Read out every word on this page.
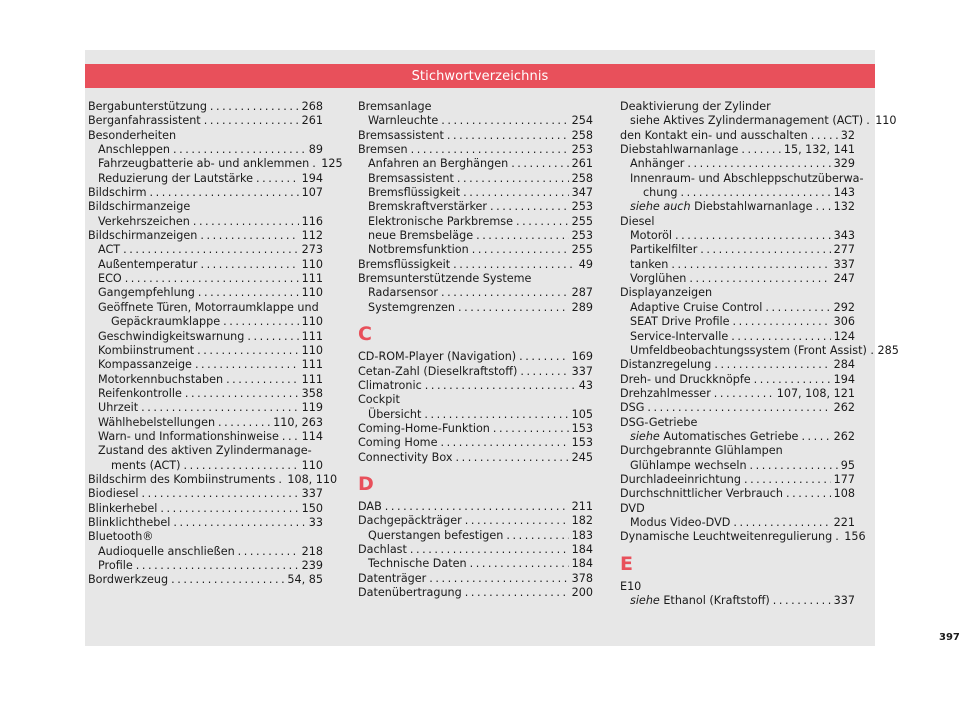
Stichwortverzeichnis
Bergabunterstützung . . .	268
Berganfahrassistent . . .	261
Besonderheiten
Anschleppen . . .	89
Fahrzeugbatterie ab- und anklemmen . . . 125
Reduzierung der Lautstärke . . .	194
Bildschirm . . .	107
Bildschirmanzeige
Verkehrszeichen . . .	116
Bildschirmanzeigen . . .	112
ACT . . .	273
Außentemperatur . . .	110
ECO . . .	111
Gangempfehlung . . .	110
Geöffnete Türen, Motorraumklappe und
Gepäckraumklappe . . .	110
Geschwindigkeitswarnung . . .	111
Kombiinstrument . . .	110
Kompassanzeige . . .	111
Motorkennbuchstaben . . .	111
Reifenkontrolle . . .	358
Uhrzeit . . .	119
Wählhebelstellungen . . .	110, 263
Warn- und Informationshinweise . . . 114
Zustand des aktiven Zylindermanage-
ments (ACT) . . .	110
Bildschirm des Kombiinstruments . . . 108, 110
Biodiesel . . .	337
Blinkerhebel . . .	150
Blinklichthebel . . .	33
Bluetooth®
Audioquelle anschließen . . .	218
Profile . . .	239
Bordwerkzeug . . .	54, 85
Bremsanlage
Warnleuchte . . .	254
Bremsassistent . . .	258
Bremsen . . .	253
Anfahren an Berghängen . . .	261
Bremsassistent . . .	258
Bremsflüssigkeit . . .	347
Bremskraftverstärker . . .	253
Elektronische Parkbremse . . .	255
neue Bremsbeläge . . .	253
Notbremsfunktion . . .	255
Bremsflüssigkeit . . .	49
Bremsunterstützende Systeme
Radarsensor . . .	287
Systemgrenzen . . .	289
C
CD-ROM-Player (Navigation) . . .	169
Cetan-Zahl (Dieselkraftstoff) . . .	337
Climatronic . . .	43
Cockpit
Übersicht . . .	105
Coming-Home-Funktion . . .	153
Coming Home . . .	153
Connectivity Box . . .	245
D
DAB . . .	211
Dachgepäckträger . . .	182
Querstangen befestigen . . .	183
Dachlast . . .	184
Technische Daten . . .	184
Datenträger . . .	378
Datenübertragung . . .	200
Deaktivierung der Zylinder
siehe Aktives Zylindermanagement (ACT) . . . 110
den Kontakt ein- und ausschalten . . .	32
Diebstahlwarnanlage . . .	15, 132, 141
Anhänger . . .	329
Innenraum- und Abschleppschutzüberwa-
chung . . .	143
siehe auch Diebstahlwarnanlage . . . 132
Diesel
Motoröl . . .	343
Partikelfilter . . .	277
tanken . . .	337
Vorglühen . . .	247
Displayanzeigen
Adaptive Cruise Control . . .	292
SEAT Drive Profile . . .	306
Service-Intervalle . . .	124
Umfeldbeobachtungssystem (Front Assist) . 285
Distanzregelung . . .	284
Dreh- und Druckknöpfe . . .	194
Drehzahlmesser . . .	107, 108, 121
DSG . . .	262
DSG-Getriebe
siehe Automatisches Getriebe . . .	262
Durchgebrannte Glühlampen
Glühlampe wechseln . . .	95
Durchladeeinrichtung . . .	177
Durchschnittlicher Verbrauch . . .	108
DVD
Modus Video-DVD . . .	221
Dynamische Leuchtweitenregulierung . . . 156
E
E10
siehe Ethanol (Kraftstoff) . . .	337
397
